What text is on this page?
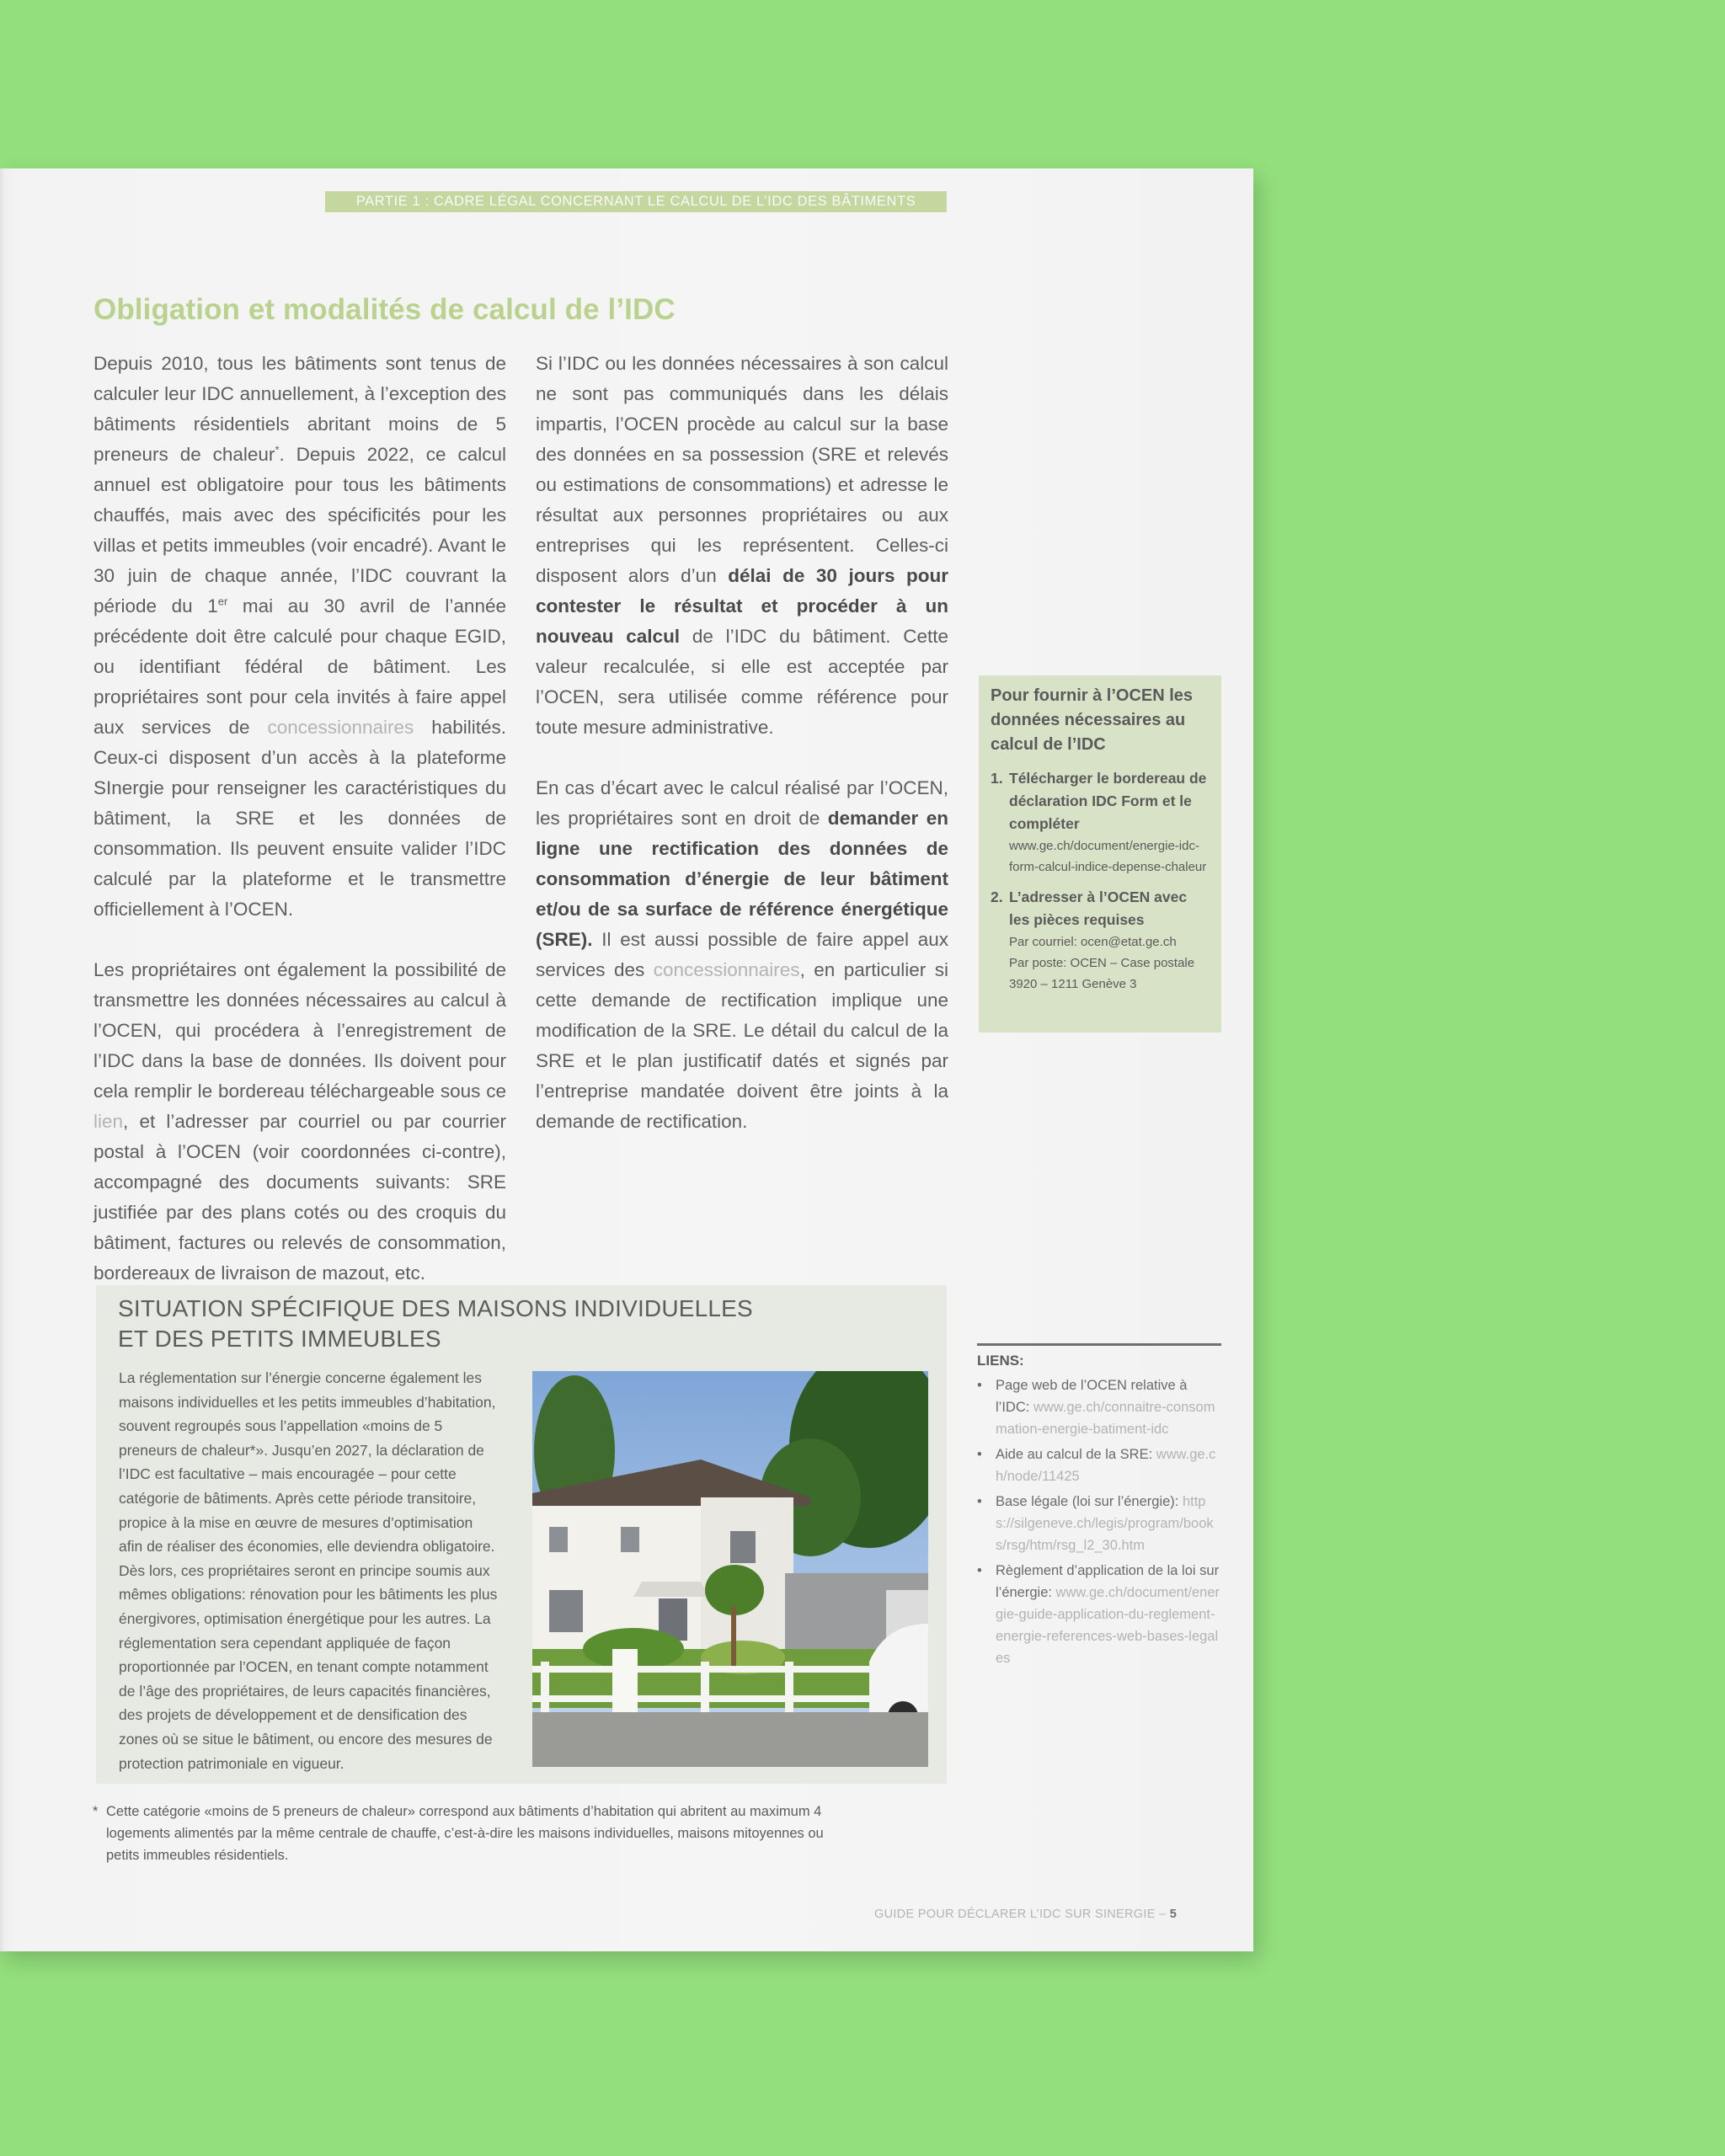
PARTIE 1 : CADRE LÉGAL CONCERNANT LE CALCUL DE L’IDC DES BÂTIMENTS
Obligation et modalités de calcul de l’IDC

Depuis 2010, tous les bâtiments sont tenus de calculer leur IDC annuellement, à l’exception des bâtiments résidentiels abritant moins de 5 preneurs de chaleur*. Depuis 2022, ce calcul annuel est obligatoire pour tous les bâtiments chauffés, mais avec des spécificités pour les villas et petits immeubles (voir encadré). Avant le 30 juin de chaque année, l’IDC couvrant la période du 1er mai au 30 avril de l’année précédente doit être calculé pour chaque EGID, ou identifiant fédéral de bâtiment. Les propriétaires sont pour cela invités à faire appel aux services de concessionnaires habilités. Ceux-ci disposent d’un accès à la plateforme SInergie pour renseigner les caractéristiques du bâtiment, la SRE et les données de consommation. Ils peuvent ensuite valider l’IDC calculé par la plateforme et le transmettre officiellement à l’OCEN.

Les propriétaires ont également la possibilité de transmettre les données nécessaires au calcul à l’OCEN, qui procédera à l’enregistrement de l’IDC dans la base de données. Ils doivent pour cela remplir le bordereau téléchargeable sous ce lien, et l’adresser par courriel ou par courrier postal à l’OCEN (voir coordonnées ci-contre), accompagné des documents suivants: SRE justifiée par des plans cotés ou des croquis du bâtiment, factures ou relevés de consommation, bordereaux de livraison de mazout, etc.

Si l’IDC ou les données nécessaires à son calcul ne sont pas communiqués dans les délais impartis, l’OCEN procède au calcul sur la base des données en sa possession (SRE et relevés ou estimations de consommations) et adresse le résultat aux personnes propriétaires ou aux entreprises qui les représentent. Celles-ci disposent alors d’un délai de 30 jours pour contester le résultat et procéder à un nouveau calcul de l’IDC du bâtiment. Cette valeur recalculée, si elle est acceptée par l’OCEN, sera utilisée comme référence pour toute mesure administrative.

En cas d’écart avec le calcul réalisé par l’OCEN, les propriétaires sont en droit de demander en ligne une rectification des données de consommation d’énergie de leur bâtiment et/ou de sa surface de référence énergétique (SRE). Il est aussi possible de faire appel aux services des concessionnaires, en particulier si cette demande de rectification implique une modification de la SRE. Le détail du calcul de la SRE et le plan justificatif datés et signés par l’entreprise mandatée doivent être joints à la demande de rectification.

Pour fournir à l’OCEN les données nécessaires au calcul de l’IDC
1. Télécharger le bordereau de déclaration IDC Form et le compléter
www.ge.ch/document/energie-idc-form-calcul-indice-depense-chaleur
2. L’adresser à l’OCEN avec les pièces requises
Par courriel: ocen@etat.ge.ch
Par poste: OCEN – Case postale 3920 – 1211 Genève 3
SITUATION SPÉCIFIQUE DES MAISONS INDIVIDUELLES
ET DES PETITS IMMEUBLES

La réglementation sur l’énergie concerne également les maisons individuelles et les petits immeubles d’habitation, souvent regroupés sous l’appellation «moins de 5 preneurs de chaleur*». Jusqu’en 2027, la déclaration de l’IDC est facultative – mais encouragée – pour cette catégorie de bâtiments. Après cette période transitoire, propice à la mise en œuvre de mesures d’optimisation afin de réaliser des économies, elle deviendra obligatoire. Dès lors, ces propriétaires seront en principe soumis aux mêmes obligations: rénovation pour les bâtiments les plus énergivores, optimisation énergétique pour les autres. La réglementation sera cependant appliquée de façon proportionnée par l’OCEN, en tenant compte notamment de l’âge des propriétaires, de leurs capacités financières, des projets de développement et de densification des zones où se situe le bâtiment, ou encore des mesures de protection patrimoniale en vigueur.

LIENS:
• Page web de l’OCEN relative à l’IDC: www.ge.ch/connaitre-consommation-energie-batiment-idc
• Aide au calcul de la SRE: www.ge.ch/node/11425
• Base légale (loi sur l’énergie): https://silgeneve.ch/legis/program/books/rsg/htm/rsg_l2_30.htm
• Règlement d’application de la loi sur l’énergie: www.ge.ch/document/energie-guide-application-du-reglement-energie-references-web-bases-legales
* Cette catégorie «moins de 5 preneurs de chaleur» correspond aux bâtiments d’habitation qui abritent au maximum 4 logements alimentés par la même centrale de chauffe, c’est-à-dire les maisons individuelles, maisons mitoyennes ou petits immeubles résidentiels.
GUIDE POUR DÉCLARER L’IDC SUR SINERGIE – 5
